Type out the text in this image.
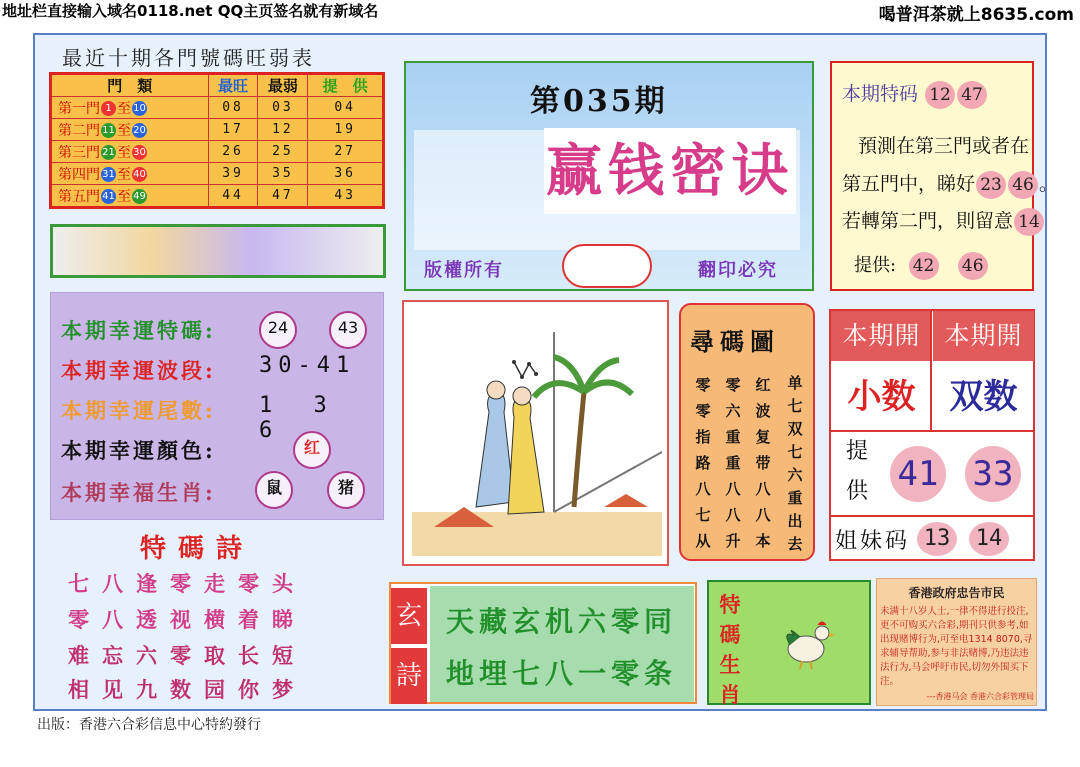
地址栏直接输入域名0118.net QQ主页签名就有新域名	喝普洱茶就上8635.com
最近十期各門號碼旺弱表
門　類	最旺	最弱	提　供
第一門 1 至 10	08	03	04
第二門 11 至 20	17	12	19
第三門 21 至 30	26	25	27
第四門 31 至 40	39	35	36
第五門 41 至 49	44	47	43
第035期
赢钱密诀
版權所有	翻印必究
本期特码 12 47
預測在第三門或者在
第五門中，睇好 23 46 。
若轉第二門，則留意 14
提供: 42 46
本期幸運特碼:	24	43
本期幸運波段: 30-41
本期幸運尾數: 1 3 6
本期幸運顏色:	红
本期幸福生肖:	鼠	猪
尋碼圖
零零指路八七从
零六重重八八升
红波复带八八本
单七双七六重出去
本期開 本期開
小数	双数
提供 41 33
姐妹码 13	14
特碼詩
七八逢零走零头
零八透视横着睇
难忘六零取长短
相见九数园你梦
玄
詩
天藏玄机六零同
地埋七八一零条
特碼生肖
香港政府忠告市民
未满十八岁人士,一律不得进行投注,更不可购买六合彩,期刊只供参考,如出现赌博行为,可至电1314 8070,寻求辅导帮助,参与非法赌博,乃违法违法行为,马会呼吁市民,切勿外围买下注。
---香港马会 香港六合彩管理局
出版：香港六合彩信息中心特約發行
